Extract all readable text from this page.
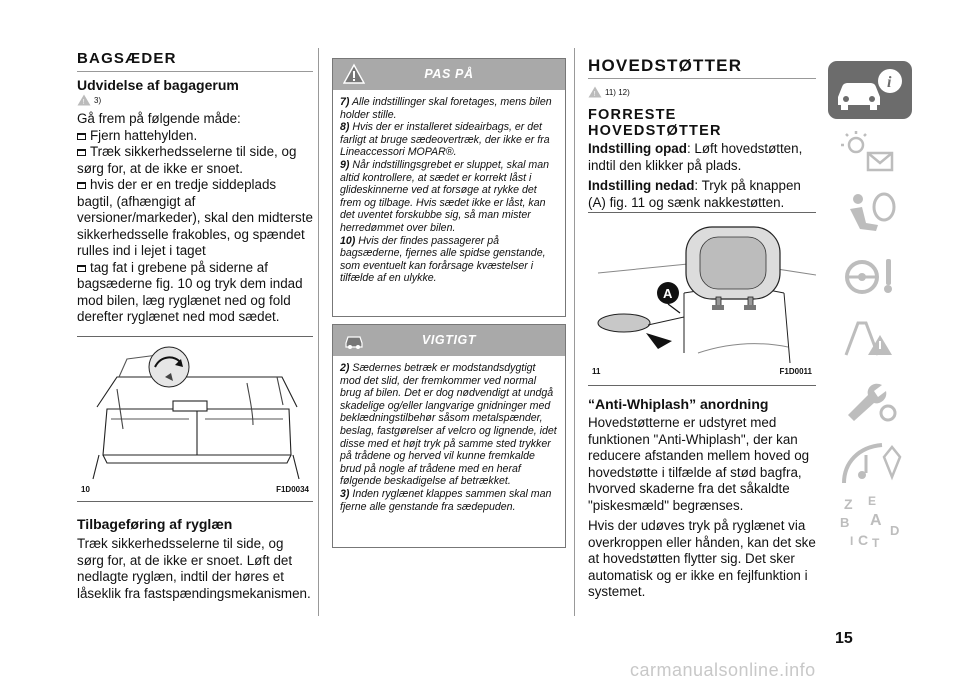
BAGSÆDER
Udvidelse af bagagerum
! 3)

Gå frem på følgende måde:

Fjern hattehylden.

Træk sikkerhedsselerne til side, og sørg for, at de ikke er snoet.

hvis der er en tredje siddeplads bagtil, (afhængigt af versioner/markeder), skal den midterste sikkerhedsselle frakobles, og spændet rulles ind i lejet i taget

tag fat i grebene på siderne af bagsæderne fig. 10 og tryk dem indad mod bilen, læg ryglænet ned og fold derefter ryglænet ned mod sædet.

10	F1D0034
Tilbageføring af ryglæn

Træk sikkerhedsselerne til side, og sørg for, at de ikke er snoet. Løft det nedlagte ryglæn, indtil der høres et låseklik fra fastspændingsmekanismen.

PAS PÅ

7) Alle indstillinger skal foretages, mens bilen holder stille.

8) Hvis der er installeret sideairbags, er det farligt at bruge sædeovertræk, der ikke er fra Lineaccessori MOPAR®.

9) Når indstillingsgrebet er sluppet, skal man altid kontrollere, at sædet er korrekt låst i glideskinnerne ved at forsøge at rykke det frem og tilbage. Hvis sædet ikke er låst, kan det uventet forskubbe sig, så man mister herredømmet over bilen.

10) Hvis der findes passagerer på bagsæderne, fjernes alle spidse genstande, som eventuelt kan forårsage kvæstelser i tilfælde af en ulykke.

VIGTIGT

2) Sædernes betræk er modstandsdygtigt mod det slid, der fremkommer ved normal brug af bilen. Det er dog nødvendigt at undgå skadelige og/eller langvarige gnidninger med beklædningstilbehør såsom metalspænder, beslag, fastgørelser af velcro og lignende, idet disse med et højt tryk på samme sted trykker på trådene og herved vil kunne fremkalde brud på nogle af trådene med en heraf følgende beskadigelse af betrækket.

3) Inden ryglænet klappes sammen skal man fjerne alle genstande fra sædepuden.

HOVEDSTØTTER
! 11) 12)
FORRESTE
HOVEDSTØTTER

Indstilling opad: Løft hovedstøtten, indtil den klikker på plads.

Indstilling nedad: Tryk på knappen (A) fig. 11 og sænk nakkestøtten.

A
11	F1D0011
“Anti-Whiplash” anordning

Hovedstøtterne er udstyret med funktionen "Anti-Whiplash", der kan reducere afstanden mellem hoved og hovedstøtte i tilfælde af stød bagfra, hvorved skaderne fra det såkaldte "piskesmæld" begrænses.

Hvis der udøves tryk på ryglænet via overkroppen eller hånden, kan det ske at hovedstøtten flytter sig. Det sker automatisk og er ikke en fejlfunktion i systemet.

i
Z E
B A
I C T
D
15
carmanualsonline.info
